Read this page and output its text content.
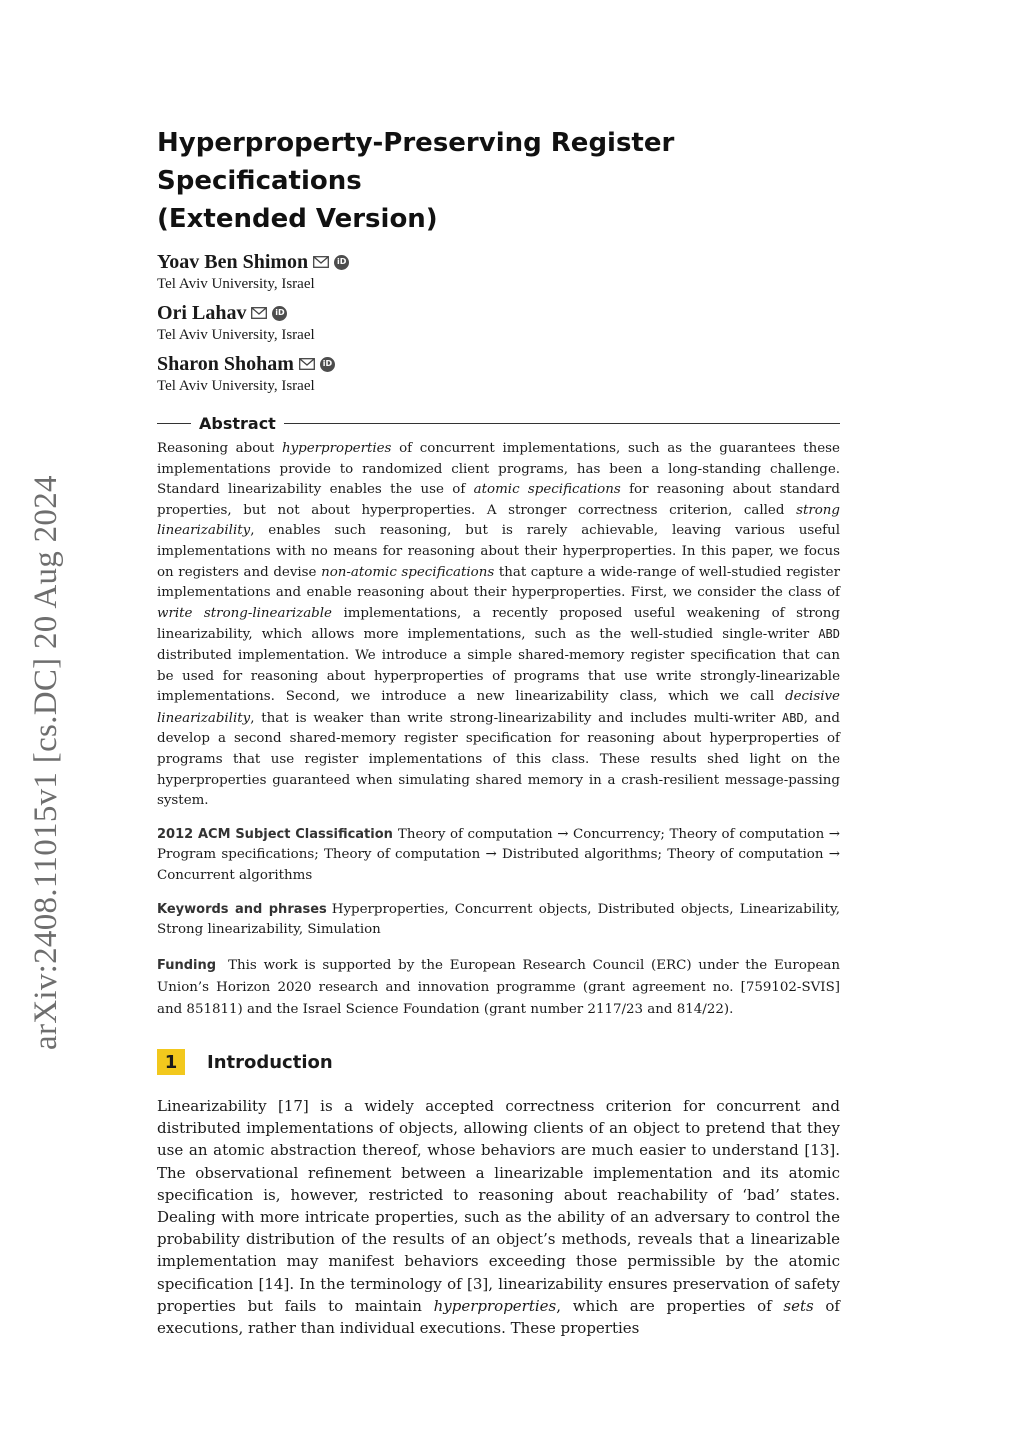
arXiv:2408.11015v1 [cs.DC] 20 Aug 2024
Hyperproperty-Preserving Register Specifications
(Extended Version)
Yoav Ben Shimon	iD
Tel Aviv University, Israel
Ori Lahav	iD
Tel Aviv University, Israel
Sharon Shoham	iD
Tel Aviv University, Israel
Abstract

Reasoning about hyperproperties of concurrent implementations, such as the guarantees these implementations provide to randomized client programs, has been a long-standing challenge. Standard linearizability enables the use of atomic specifications for reasoning about standard properties, but not about hyperproperties. A stronger correctness criterion, called strong linearizability, enables such reasoning, but is rarely achievable, leaving various useful implementations with no means for reasoning about their hyperproperties. In this paper, we focus on registers and devise non-atomic specifications that capture a wide-range of well-studied register implementations and enable reasoning about their hyperproperties. First, we consider the class of write strong-linearizable implementations, a recently proposed useful weakening of strong linearizability, which allows more implementations, such as the well-studied single-writer ABD distributed implementation. We introduce a simple shared-memory register specification that can be used for reasoning about hyperproperties of programs that use write strongly-linearizable implementations. Second, we introduce a new linearizability class, which we call decisive linearizability, that is weaker than write strong-linearizability and includes multi-writer ABD, and develop a second shared-memory register specification for reasoning about hyperproperties of programs that use register implementations of this class. These results shed light on the hyperproperties guaranteed when simulating shared memory in a crash-resilient message-passing system.

2012 ACM Subject Classification Theory of computation → Concurrency; Theory of computation → Program specifications; Theory of computation → Distributed algorithms; Theory of computation → Concurrent algorithms

Keywords and phrases Hyperproperties, Concurrent objects, Distributed objects, Linearizability, Strong linearizability, Simulation

Funding This work is supported by the European Research Council (ERC) under the European Union’s Horizon 2020 research and innovation programme (grant agreement no. [759102-SVIS] and 851811) and the Israel Science Foundation (grant number 2117/23 and 814/22).

1	Introduction

Linearizability [17] is a widely accepted correctness criterion for concurrent and distributed implementations of objects, allowing clients of an object to pretend that they use an atomic abstraction thereof, whose behaviors are much easier to understand [13]. The observational refinement between a linearizable implementation and its atomic specification is, however, restricted to reasoning about reachability of ‘bad’ states. Dealing with more intricate properties, such as the ability of an adversary to control the probability distribution of the results of an object’s methods, reveals that a linearizable implementation may manifest behaviors exceeding those permissible by the atomic specification [14]. In the terminology of [3], linearizability ensures preservation of safety properties but fails to maintain hyperproperties, which are properties of sets of executions, rather than individual executions. These properties
